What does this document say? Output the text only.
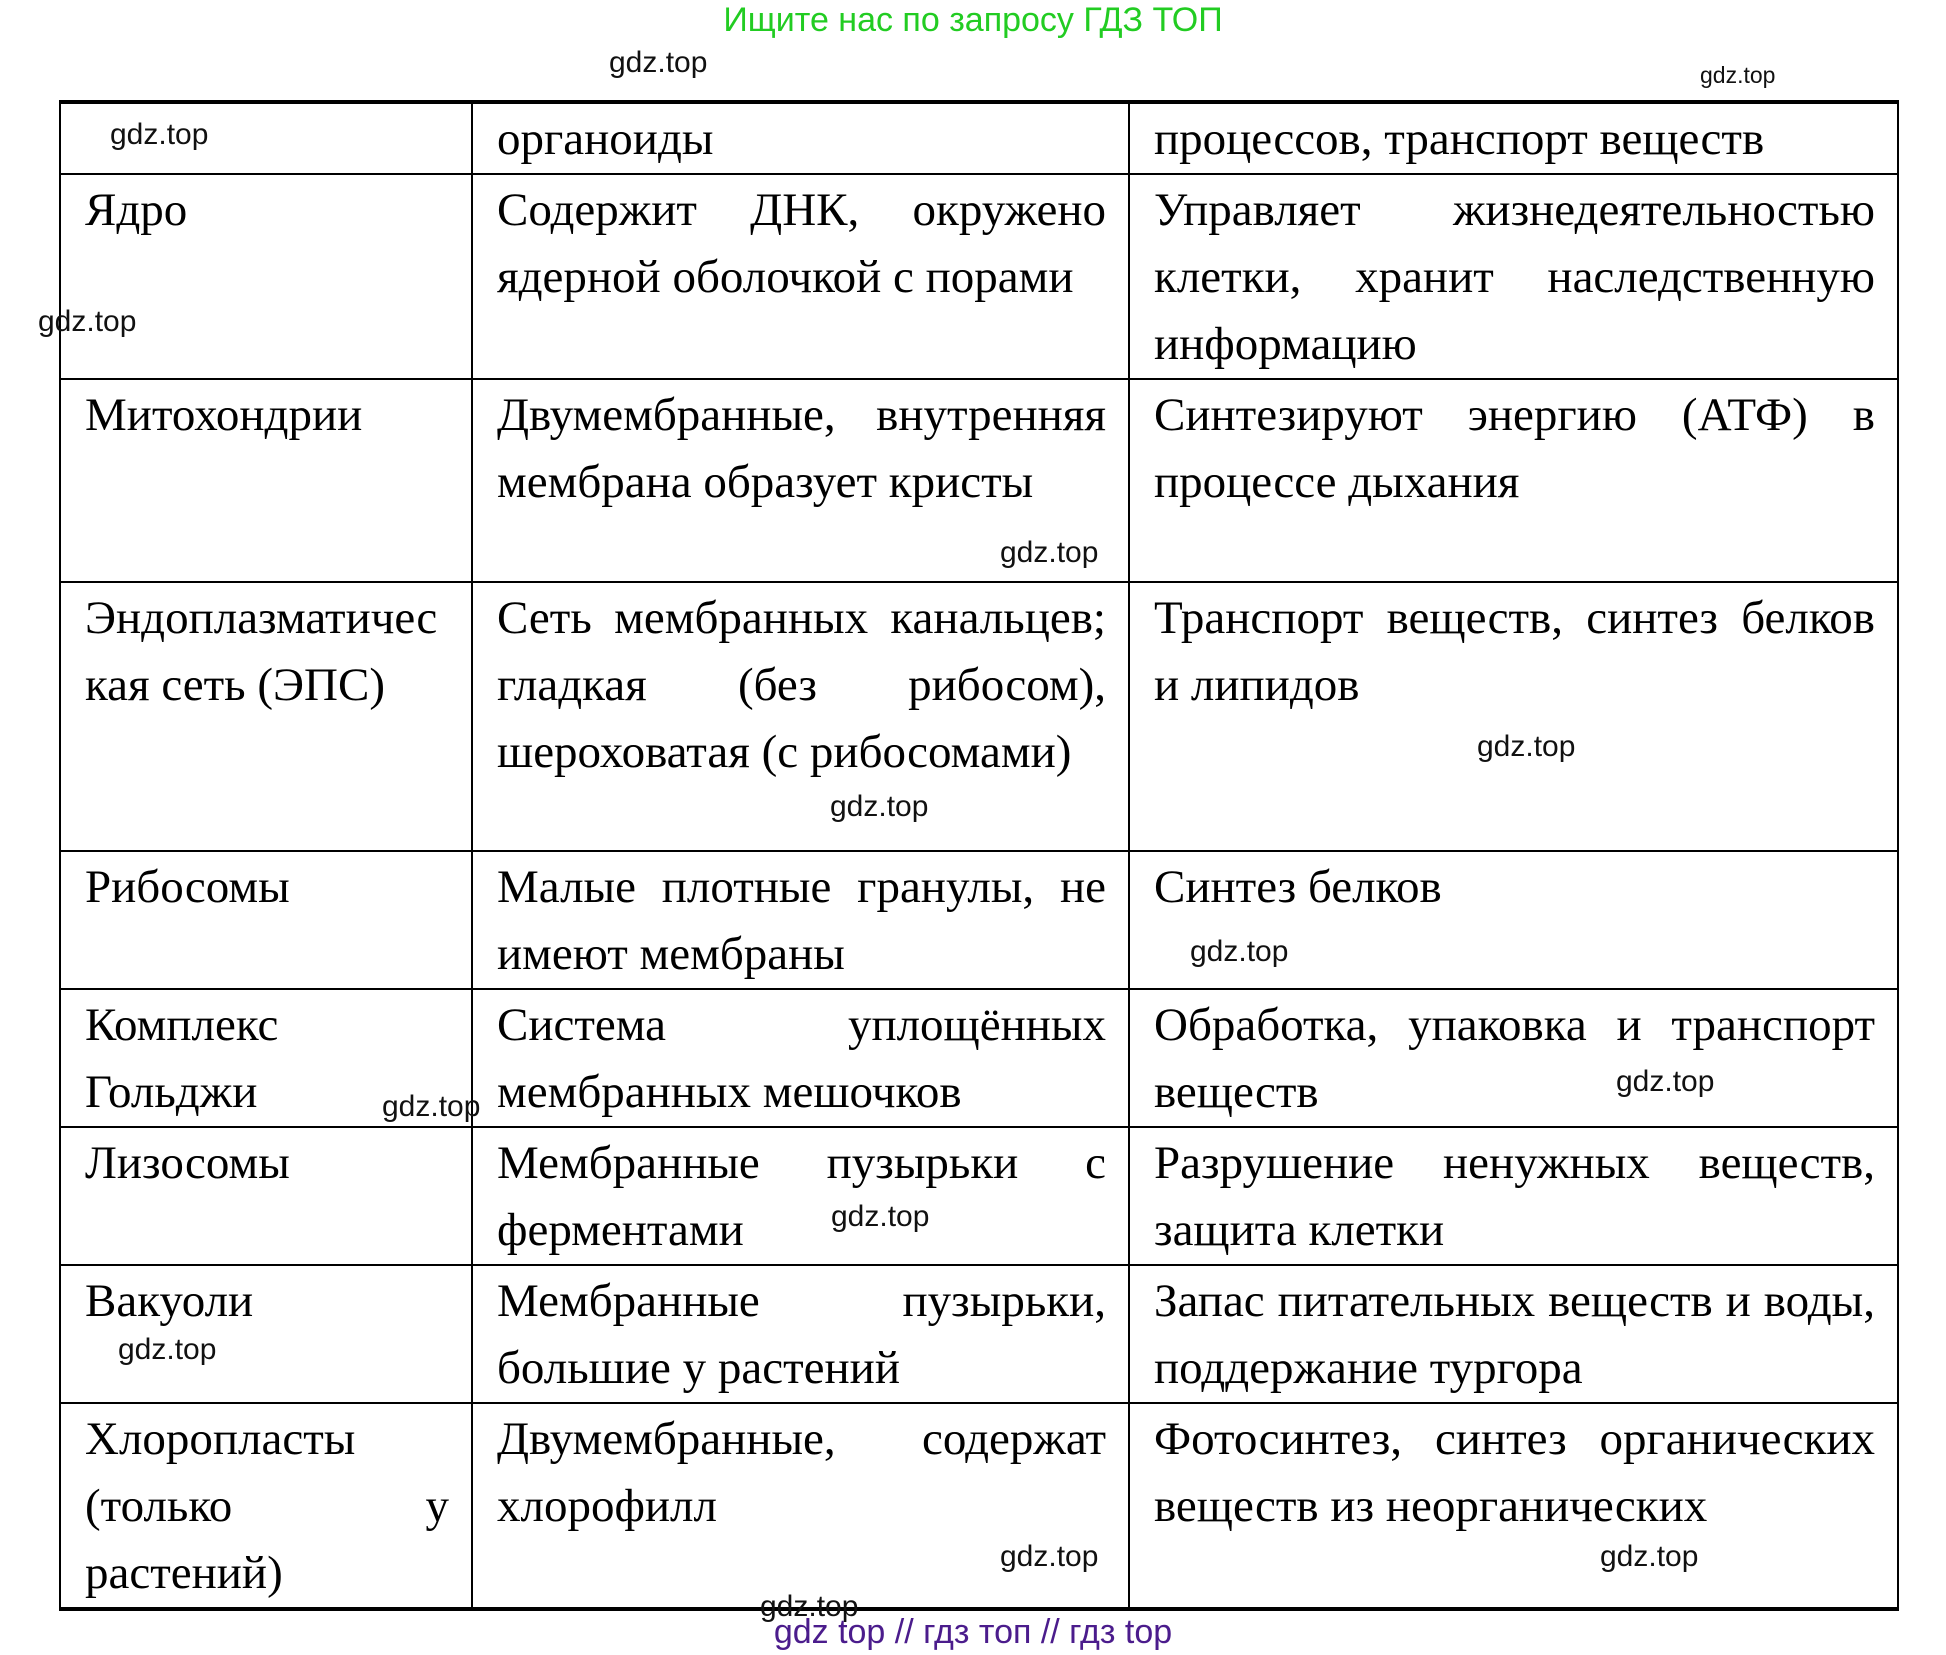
Ищите нас по запросу ГДЗ ТОП
	органоиды	процессов, транспорт веществ
Ядро	Содержит ДНК, окружено ядерной оболочкой с порами	Управляет жизнедеятельностью клетки, хранит наследственную информацию
Митохондрии	Двумембранные, внутренняя мембрана образует кристы	Синтезируют энергию (АТФ) в процессе дыхания
Эндоплазматическая сеть (ЭПС)	Сеть мембранных канальцев; гладкая (без рибосом), шероховатая (с рибосомами)	Транспорт веществ, синтез белков и липидов
Рибосомы	Малые плотные гранулы, не имеют мембраны	Синтез белков
Комплекс Гольджи	Система уплощённых мембранных мешочков	Обработка, упаковка и транспорт веществ
Лизосомы	Мембранные пузырьки с ферментами	Разрушение ненужных веществ, защита клетки
Вакуоли	Мембранные пузырьки, большие у растений	Запас питательных веществ и воды, поддержание тургора
Хлоропласты (только у растений)	Двумембранные, содержат хлорофилл	Фотосинтез, синтез органических веществ из неорганических
gdz.top
gdz.top
gdz.top
gdz.top
gdz.top
gdz.top
gdz.top
gdz.top
gdz.top
gdz.top
gdz.top
gdz.top
gdz.top
gdz.top
gdz.top
gdz top // гдз топ // гдз top
